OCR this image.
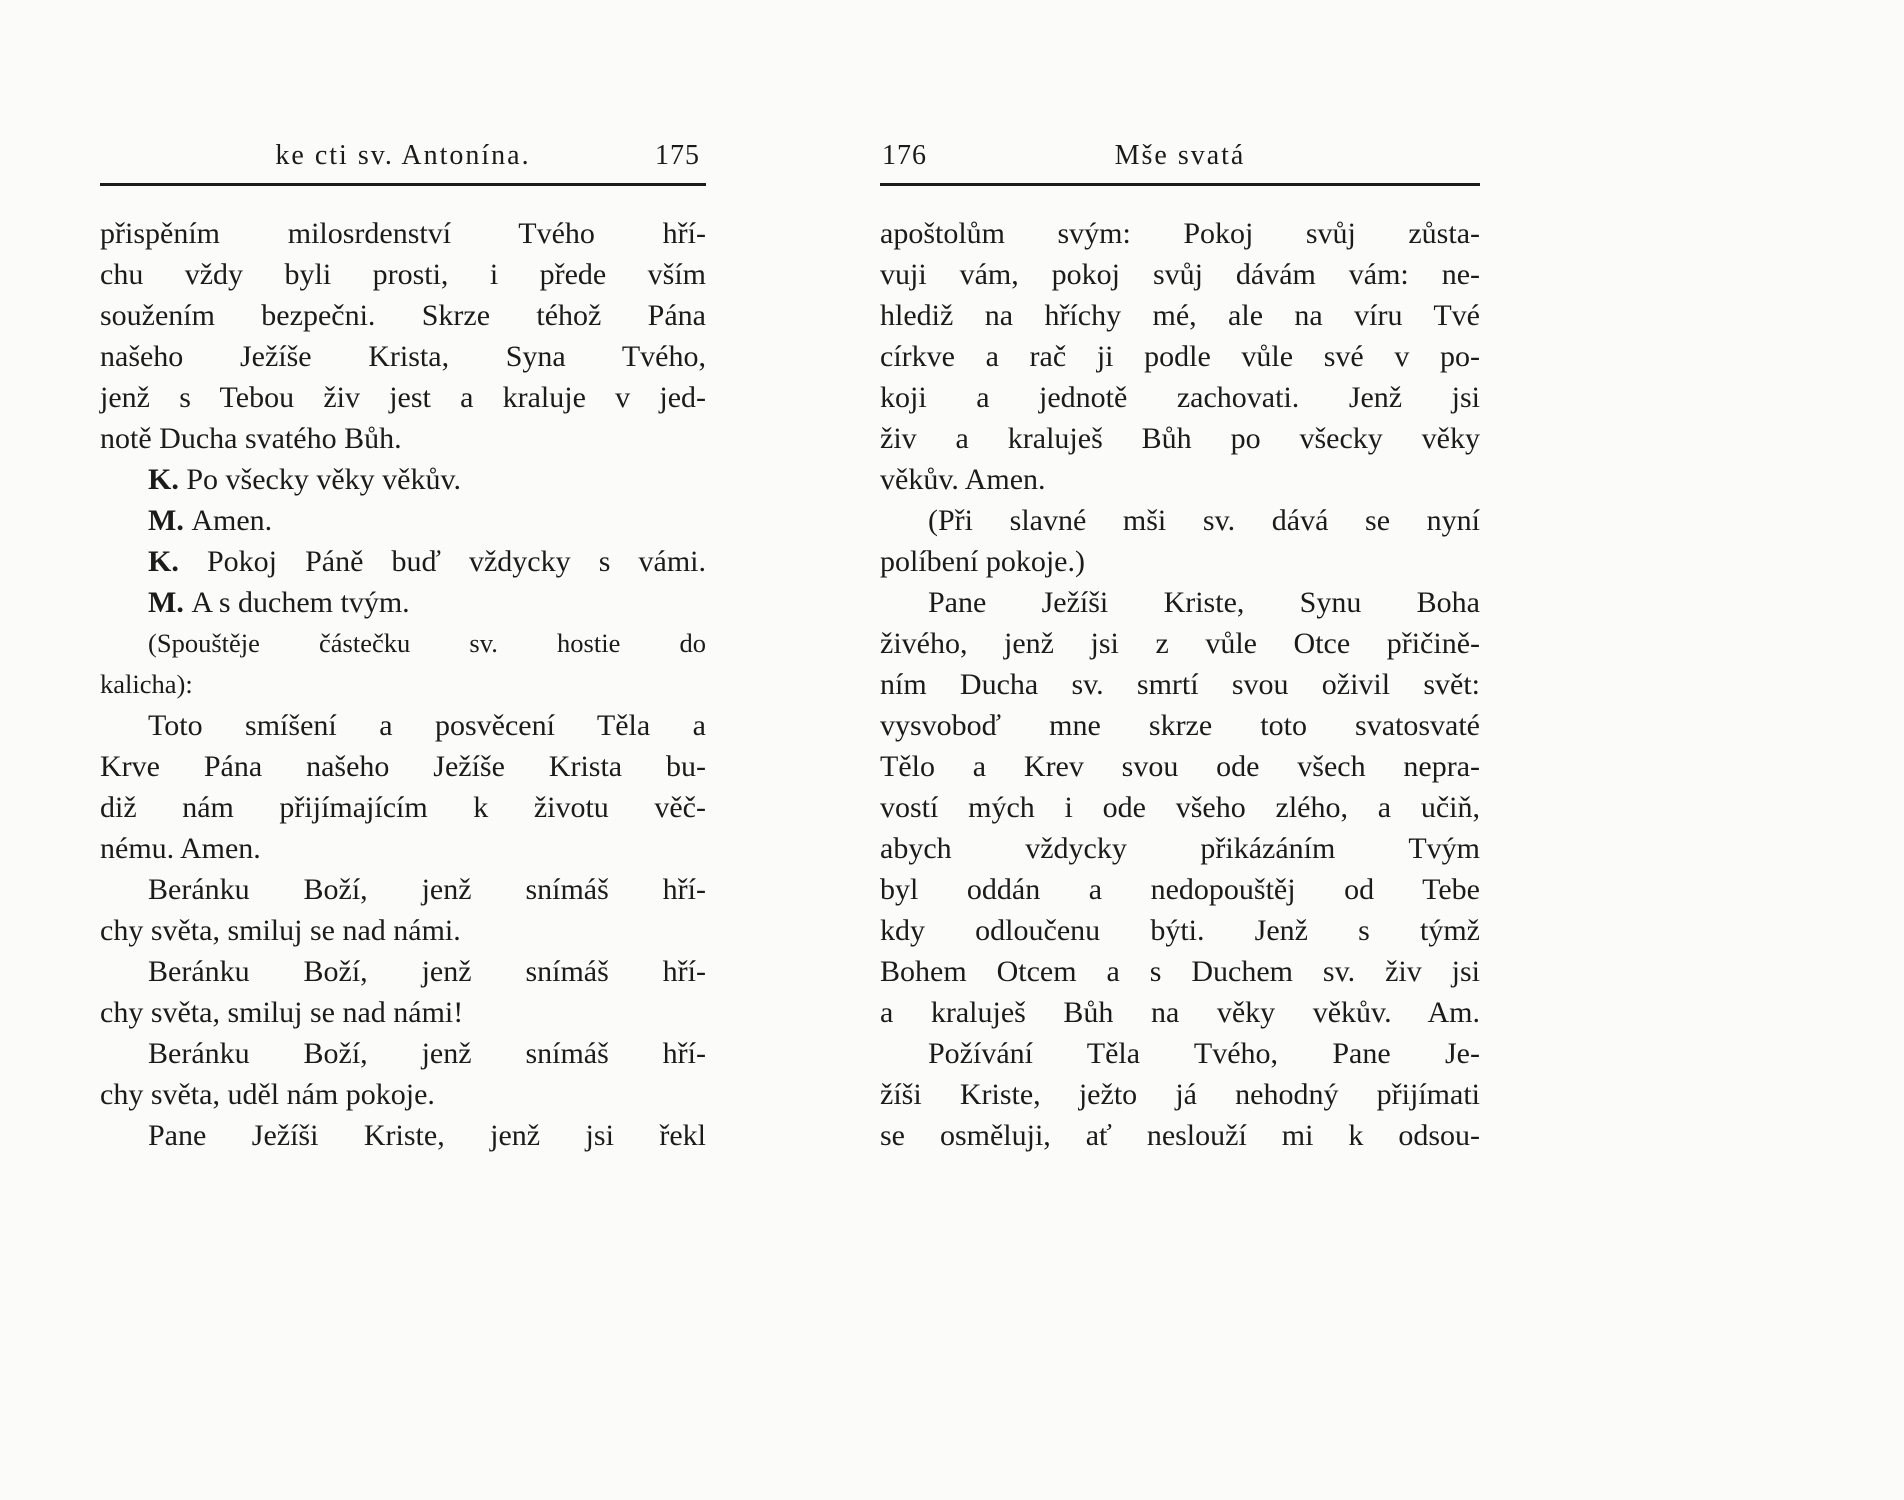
175
ke cti sv. Antonína.
přispěním milosrdenství Tvého hří-
chu vždy byli prosti, i přede vším
soužením bezpečni. Skrze téhož Pána
našeho Ježíše Krista, Syna Tvého,
jenž s Tebou živ jest a kraluje v jed-
notě Ducha svatého Bůh.
K. Po všecky věky věkův.
M. Amen.
K. Pokoj Páně buď vždycky s vámi.
M. A s duchem tvým.
(Spouštěje částečku sv. hostie do
kalicha):
Toto smíšení a posvěcení Těla a
Krve Pána našeho Ježíše Krista bu-
diž nám přijímajícím k životu věč-
nému. Amen.
Beránku Boží, jenž snímáš hří-
chy světa, smiluj se nad námi.
Beránku Boží, jenž snímáš hří-
chy světa, smiluj se nad námi!
Beránku Boží, jenž snímáš hří-
chy světa, uděl nám pokoje.
Pane Ježíši Kriste, jenž jsi řekl
176	Mše svatá
apoštolům svým: Pokoj svůj zůsta-
vuji vám, pokoj svůj dávám vám: ne-
hlediž na hříchy mé, ale na víru Tvé
církve a rač ji podle vůle své v po-
koji a jednotě zachovati. Jenž jsi
živ a kraluješ Bůh po všecky věky
věkův. Amen.
(Při slavné mši sv. dává se nyní
políbení pokoje.)
Pane Ježíši Kriste, Synu Boha
živého, jenž jsi z vůle Otce přičině-
ním Ducha sv. smrtí svou oživil svět:
vysvoboď mne skrze toto svatosvaté
Tělo a Krev svou ode všech nepra-
vostí mých i ode všeho zlého, a učiň,
abych vždycky přikázáním Tvým
byl oddán a nedopouštěj od Tebe
kdy odloučenu býti. Jenž s týmž
Bohem Otcem a s Duchem sv. živ jsi
a kraluješ Bůh na věky věkův. Am.
Požívání Těla Tvého, Pane Je-
žíši Kriste, ježto já nehodný přijímati
se osměluji, ať neslouží mi k odsou-
